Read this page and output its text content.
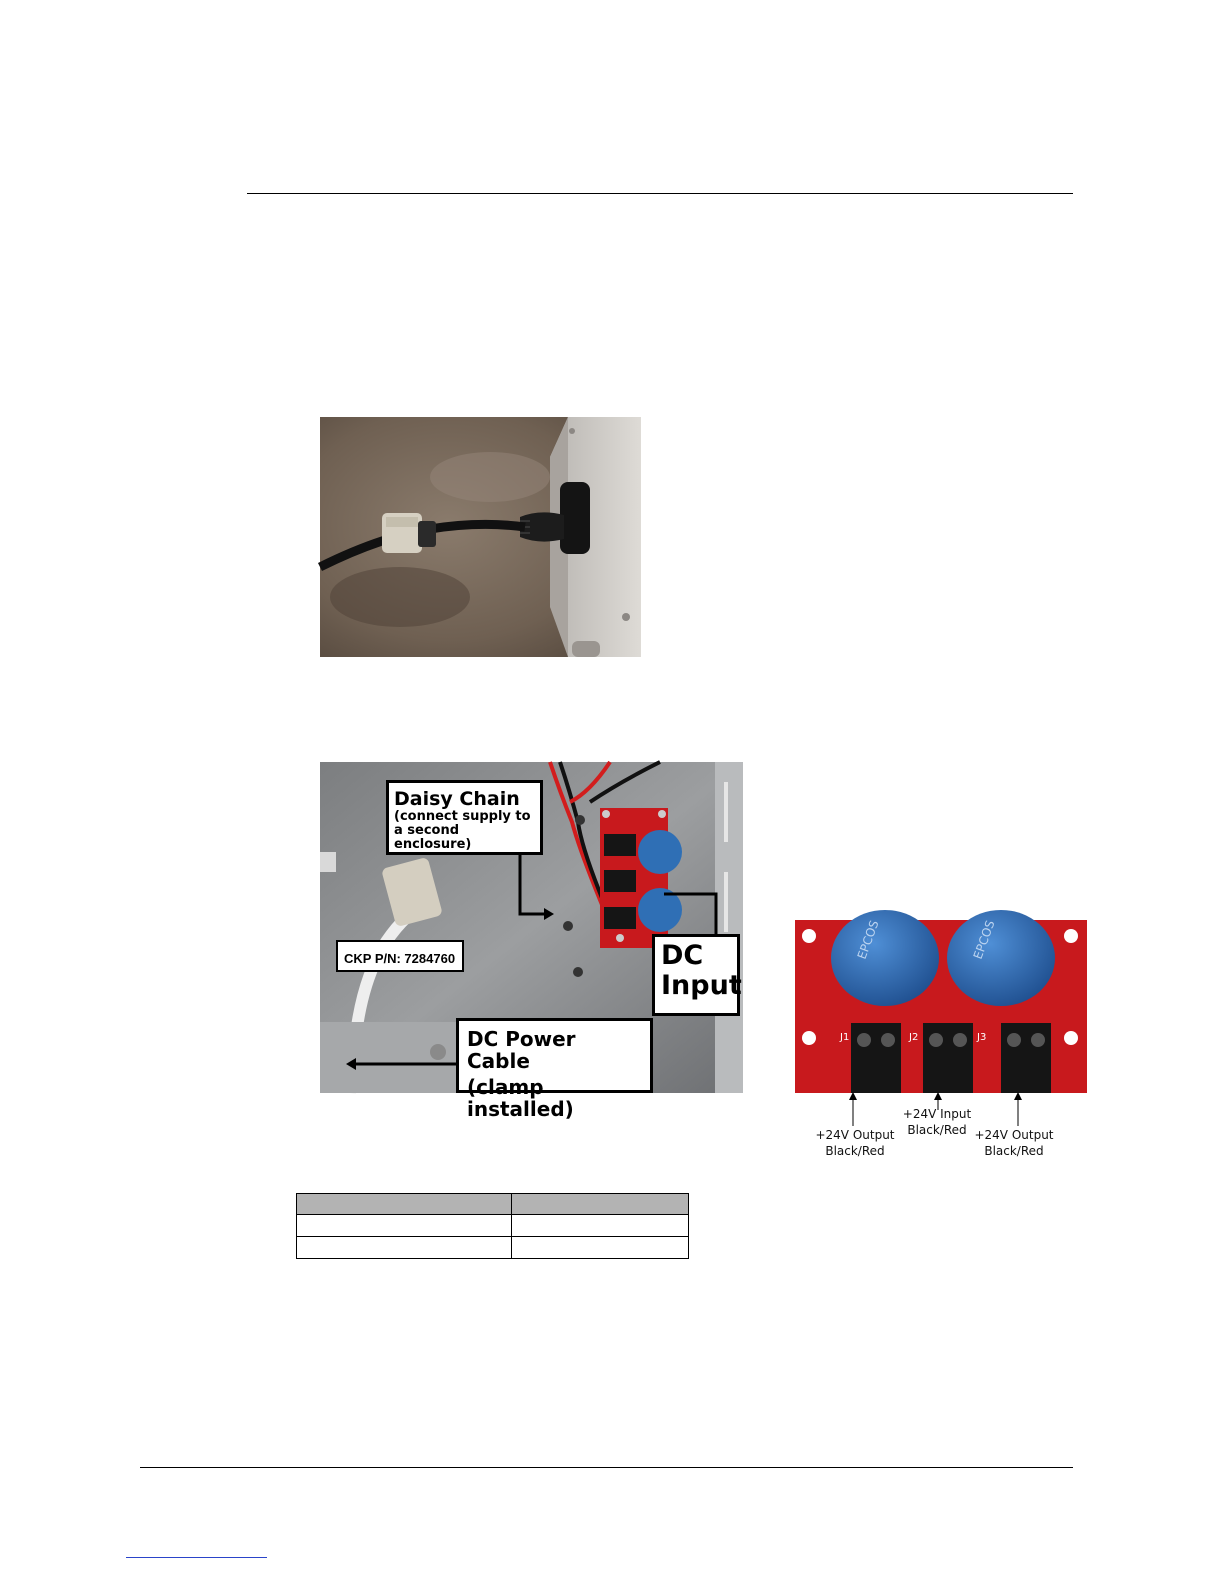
Daisy Chain
(connect supply to
a second enclosure)
CKP P/N: 7284760	DC
Input
DC Power Cable
(clamp installed)
EPCOS	EPCOS
J1	J2	J3
+24V Output
Black/Red
+24V Input
Black/Red +24V Output
Black/Red
